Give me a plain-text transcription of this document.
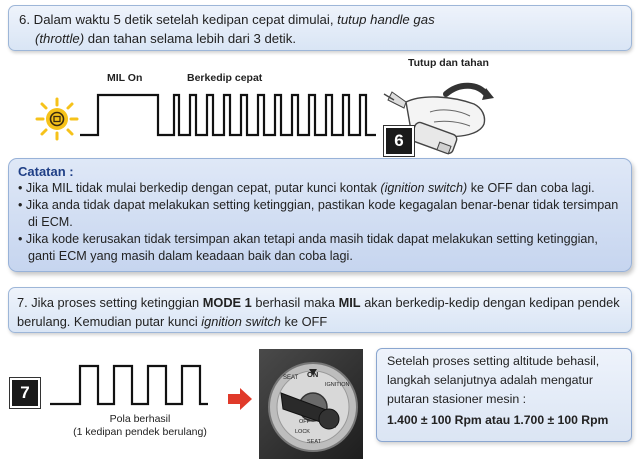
6. Dalam waktu 5 detik setelah kedipan cepat dimulai, tutup handle gas
(throttle) dan tahan selama lebih dari 3 detik.
MIL On	Berkedip cepat
Tutup dan tahan
6
Catatan :

• Jika MIL tidak mulai berkedip dengan cepat, putar kunci kontak (ignition switch) ke OFF dan coba lagi.

• Jika anda tidak dapat melakukan setting ketinggian, pastikan kode kegagalan benar-benar tidak tersimpan di ECM.

• Jika kode kerusakan tidak tersimpan akan tetapi anda masih tidak dapat melakukan setting ketinggian, ganti ECM yang masih dalam keadaan baik dan coba lagi.

7. Jika proses setting ketinggian MODE 1 berhasil maka MIL akan berkedip-kedip dengan kedipan pendek berulang. Kemudian putar kunci ignition switch ke OFF
7
Pola berhasil
(1 kedipan pendek berulang)
SEAT ON
IGNITION
LOCK
OFF
SEAT
Setelah proses setting altitude behasil, langkah selanjutnya adalah mengatur putaran stasioner mesin :
1.400 ± 100 Rpm atau 1.700 ± 100 Rpm
